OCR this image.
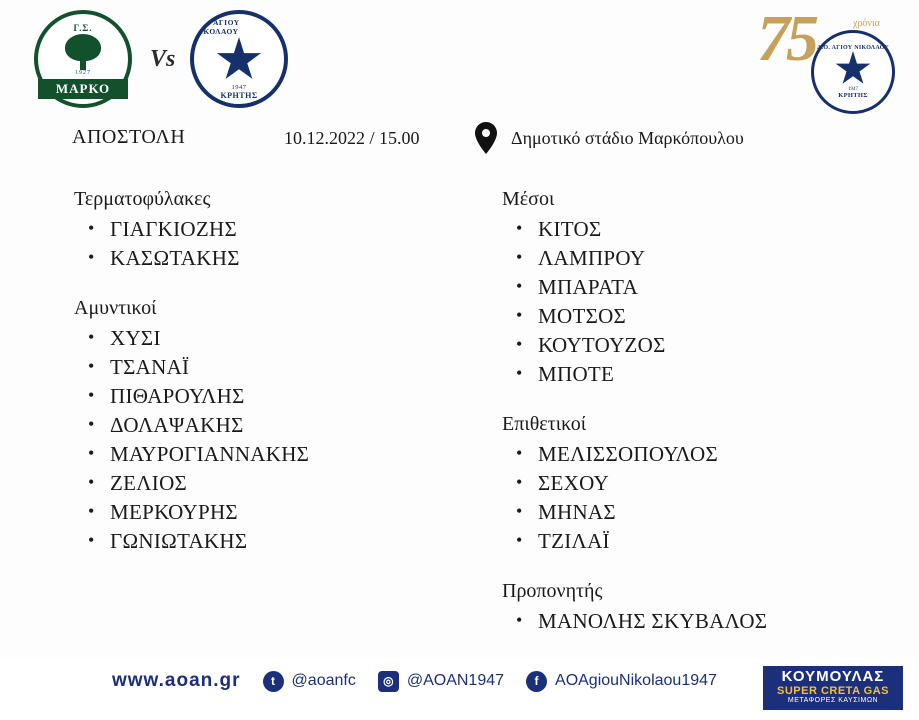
Γ.Σ.
1927
ΜΑΡΚΟ
Vs
Α.Ο. ΑΓΙΟΥ ΝΙΚΟΛΑΟΥ
1947
ΚΡΗΤΗΣ
75	χρόνια
Α.Ο. ΑΓΙΟΥ ΝΙΚΟΛΑΟΥ
1947
ΚΡΗΤΗΣ
ΑΠΟΣΤΟΛΗ	10.12.2022 / 15.00	Δημοτικό στάδιο Μαρκόπουλου
Τερματοφύλακες
• ΓΙΑΓΚΙΟΖΗΣ
• ΚΑΣΩΤΑΚΗΣ
Αμυντικοί
• ΧΥΣΙ
• ΤΣΑΝΑΪ
• ΠΙΘΑΡΟΥΛΗΣ
• ΔΟΛΑΨΑΚΗΣ
• ΜΑΥΡΟΓΙΑΝΝΑΚΗΣ
• ΖΕΛΙΟΣ
• ΜΕΡΚΟΥΡΗΣ
• ΓΩΝΙΩΤΑΚΗΣ
Μέσοι
• ΚΙΤΟΣ
• ΛΑΜΠΡΟΥ
• ΜΠΑΡΑΤΑ
• ΜΟΤΣΟΣ
• ΚΟΥΤΟΥΖΟΣ
• ΜΠΟΤΕ
Επιθετικοί
• ΜΕΛΙΣΣΟΠΟΥΛΟΣ
• ΣΕΧΟΥ
• ΜΗΝΑΣ
• ΤΖΙΛΑΪ
Προπονητής
• ΜΑΝΟΛΗΣ ΣΚΥΒΑΛΟΣ
www.aoan.gr	t	@aoanfc	◎ @AOAN1947	f	AOAgiouNikolaou1947	ΚΟΥΜΟΥΛΑΣ
SUPER CRETA GAS
ΜΕΤΑΦΟΡΕΣ ΚΑΥΣΙΜΩΝ
